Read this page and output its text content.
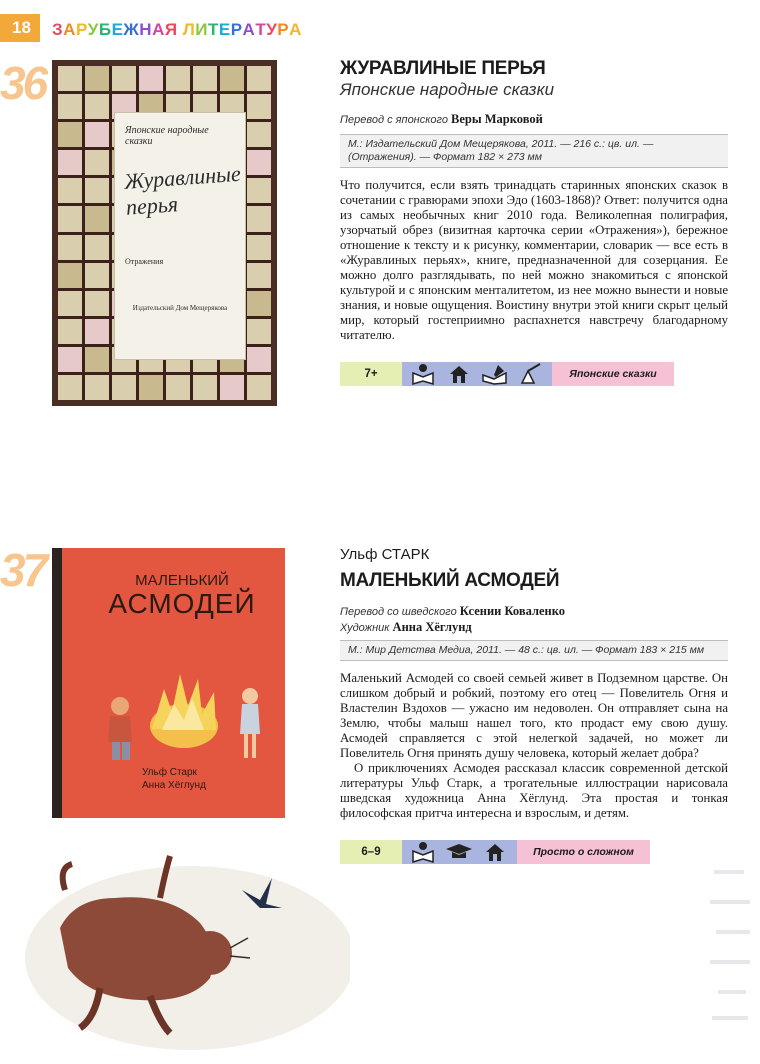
18	ЗАРУБЕЖНАЯ ЛИТЕРАТУРА
36
Японские народные сказки
Журавлиные перья
Отражения
Издательский Дом Мещерякова
ЖУРАВЛИНЫЕ ПЕРЬЯ
Японские народные сказки
Перевод с японского Веры Марковой
М.: Издательский Дом Мещерякова, 2011. — 216 с.: цв. ил. — (Отражения). — Формат 182 × 273 мм
Что получится, если взять тринадцать старинных японских сказок в сочетании с гравюрами эпохи Эдо (1603-1868)? Ответ: получится одна из самых необычных книг 2010 года. Великолепная полиграфия, узорчатый обрез (визитная карточка серии «Отражения»), бережное отношение к тексту и к рисунку, комментарии, словарик — все есть в «Журавлиных перьях», книге, предназначенной для созерцания. Ее можно долго разглядывать, по ней можно знакомиться с японской культурой и с японским менталитетом, из нее можно вынести и новые знания, и новые ощущения. Воистину внутри этой книги скрыт целый мир, который гостеприимно распахнется навстречу благодарному читателю.
7+	Японские сказки
37	МАЛЕНЬКИЙ
АСМОДЕЙ
Ульф Старк
Анна Хёглунд
Ульф СТАРК
МАЛЕНЬКИЙ АСМОДЕЙ
Перевод со шведского Ксении Коваленко
Художник Анна Хёглунд
М.: Мир Детства Медиа, 2011. — 48 с.: цв. ил. — Формат 183 × 215 мм

Маленький Асмодей со своей семьей живет в Подземном царстве. Он слишком добрый и робкий, поэтому его отец — Повелитель Огня и Властелин Вздохов — ужасно им недоволен. Он отправляет сына на Землю, чтобы малыш нашел того, кто продаст ему свою душу. Асмодей справляется с этой нелегкой задачей, но может ли Повелитель Огня принять душу человека, который желает добра?

О приключениях Асмодея рассказал классик современной детской литературы Ульф Старк, а трогательные иллюстрации нарисовала шведская художница Анна Хёглунд. Эта простая и тонкая философская притча интересна и взрослым, и детям.

6–9	Просто о сложном
